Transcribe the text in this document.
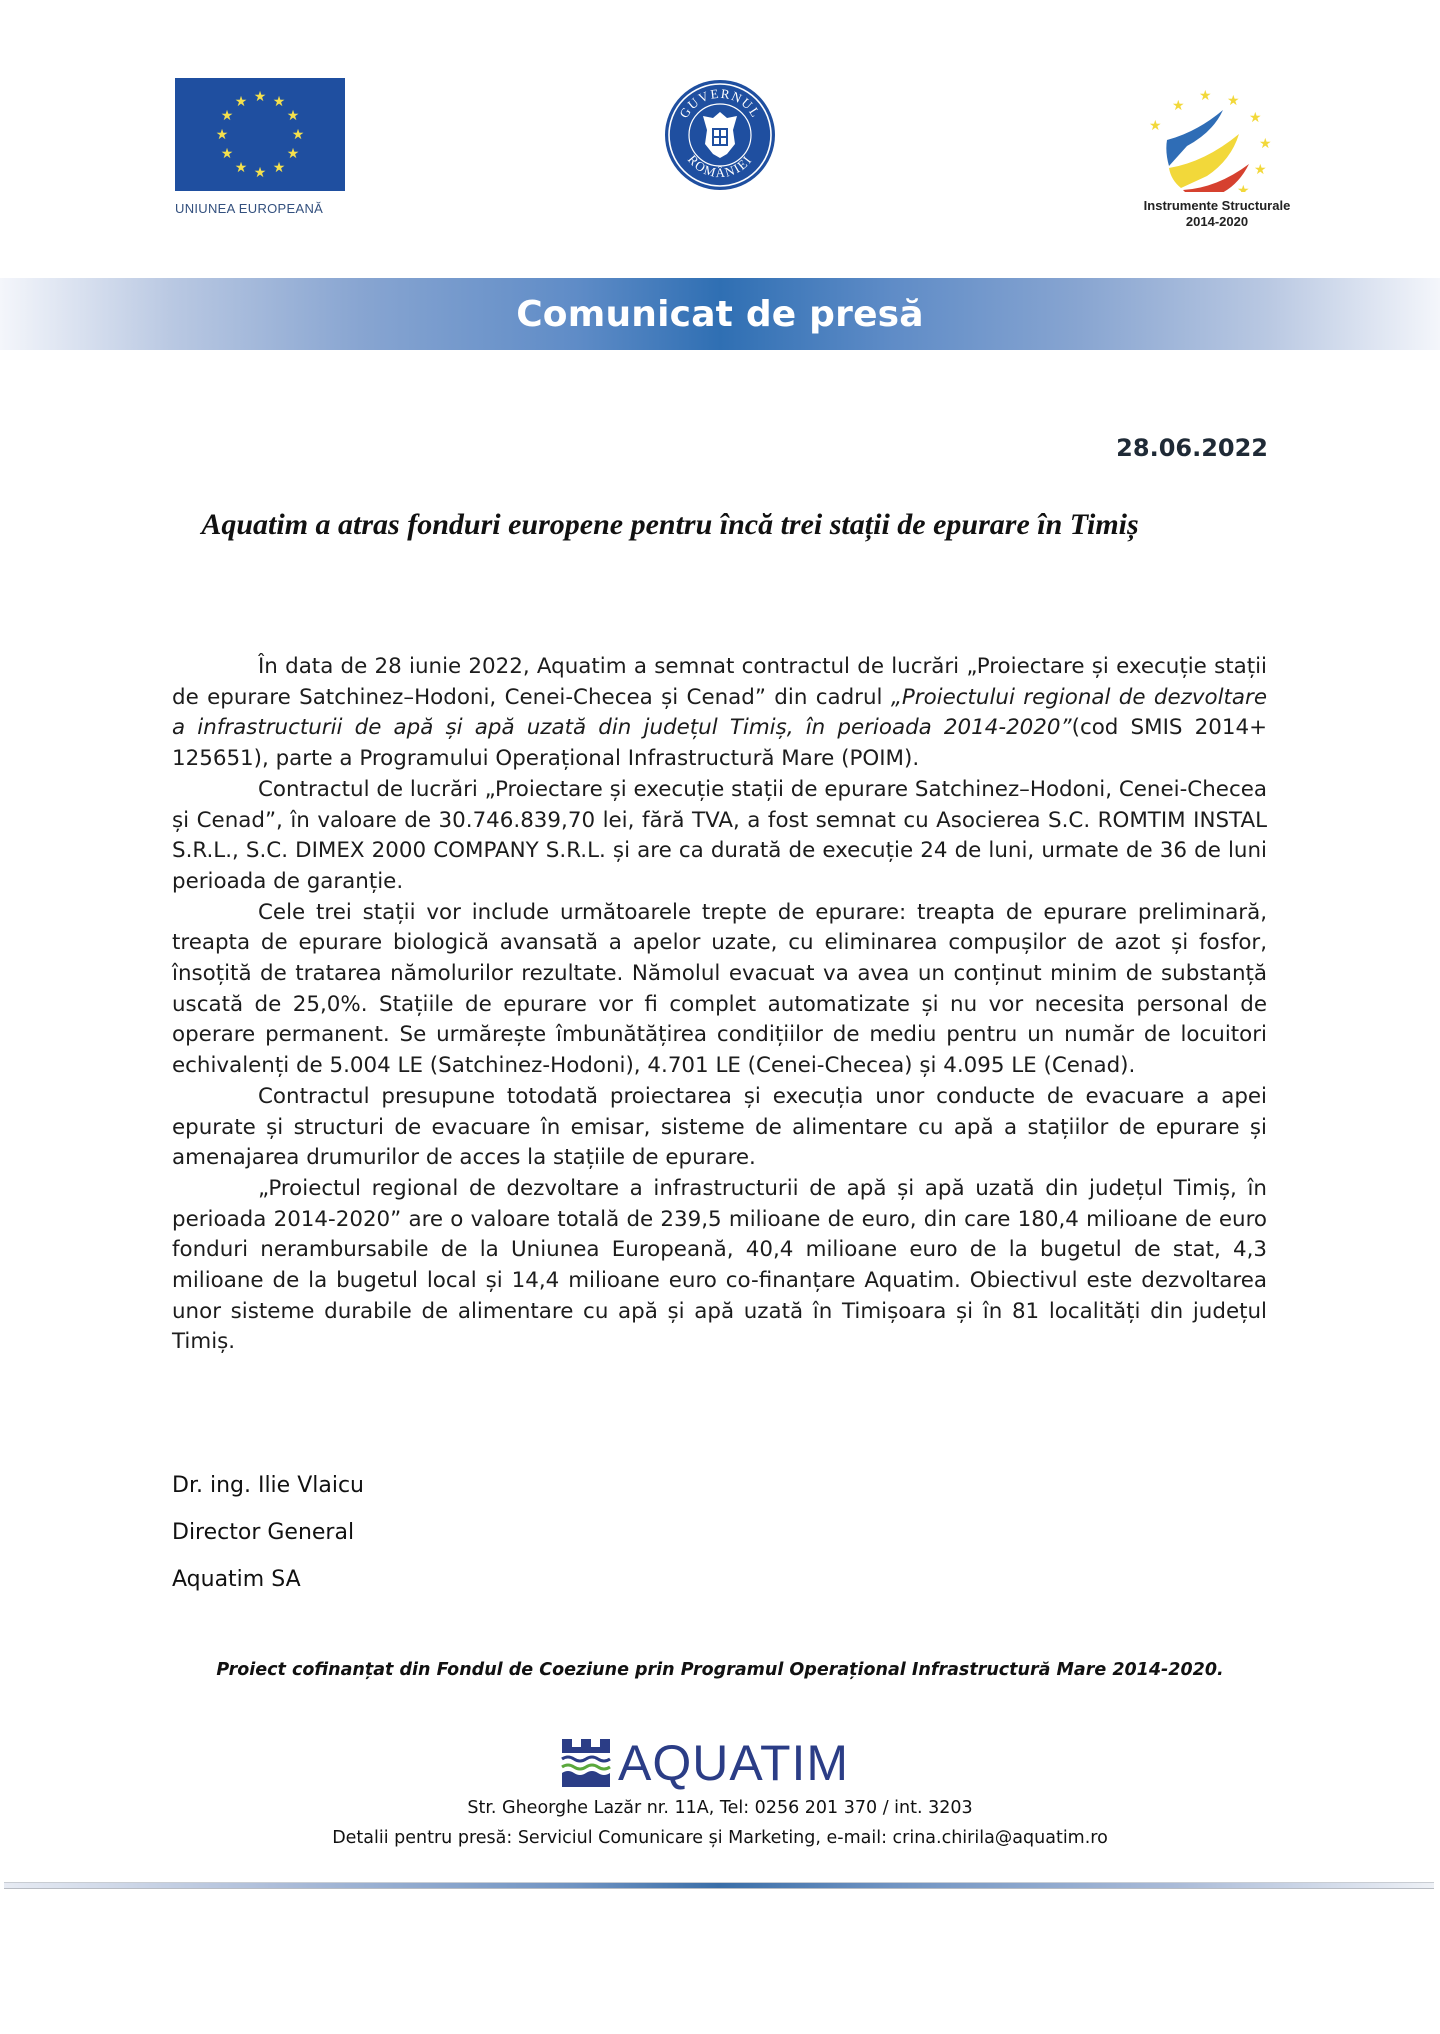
★ ★
★
★
★
★
★
★
★
★
★
★
UNIUNEA EUROPEANĂ
GUVERNUL
ROMÂNIEI
★
★
★ ★
★
★
★
★
Instrumente Structurale
2014-2020
Comunicat de presă
28.06.2022
Aquatim a atras fonduri europene pentru încă trei stații de epurare în Timiș

În data de 28 iunie 2022, Aquatim a semnat contractul de lucrări „Proiectare și execuție stații de epurare Satchinez–Hodoni, Cenei-Checea și Cenad” din cadrul „Proiectului regional de dezvoltare a infrastructurii de apă și apă uzată din județul Timiș, în perioada 2014-2020”(cod SMIS 2014+ 125651), parte a Programului Operațional Infrastructură Mare (POIM).

Contractul de lucrări „Proiectare și execuție stații de epurare Satchinez–Hodoni, Cenei-Checea și Cenad”, în valoare de 30.746.839,70 lei, fără TVA, a fost semnat cu Asocierea S.C. ROMTIM INSTAL S.R.L., S.C. DIMEX 2000 COMPANY S.R.L. și are ca durată de execuție 24 de luni, urmate de 36 de luni perioada de garanție.

Cele trei stații vor include următoarele trepte de epurare: treapta de epurare preliminară, treapta de epurare biologică avansată a apelor uzate, cu eliminarea compușilor de azot și fosfor, însoțită de tratarea nămolurilor rezultate. Nămolul evacuat va avea un conținut minim de substanță uscată de 25,0%. Stațiile de epurare vor fi complet automatizate și nu vor necesita personal de operare permanent. Se urmărește îmbunătățirea condițiilor de mediu pentru un număr de locuitori echivalenți de 5.004 LE (Satchinez-Hodoni), 4.701 LE (Cenei-Checea) și 4.095 LE (Cenad).

Contractul presupune totodată proiectarea și execuția unor conducte de evacuare a apei epurate și structuri de evacuare în emisar, sisteme de alimentare cu apă a stațiilor de epurare și amenajarea drumurilor de acces la stațiile de epurare.

„Proiectul regional de dezvoltare a infrastructurii de apă și apă uzată din județul Timiș, în perioada 2014-2020” are o valoare totală de 239,5 milioane de euro, din care 180,4 milioane de euro fonduri nerambursabile de la Uniunea Europeană, 40,4 milioane euro de la bugetul de stat, 4,3 milioane de la bugetul local și 14,4 milioane euro co-finanțare Aquatim. Obiectivul este dezvoltarea unor sisteme durabile de alimentare cu apă și apă uzată în Timișoara și în 81 localități din județul Timiș.

Dr. ing. Ilie Vlaicu
Director General
Aquatim SA
Proiect cofinanțat din Fondul de Coeziune prin Programul Operațional Infrastructură Mare 2014-2020.
AQUATIM
Str. Gheorghe Lazăr nr. 11A, Tel: 0256 201 370 / int. 3203
Detalii pentru presă: Serviciul Comunicare și Marketing, e-mail: crina.chirila@aquatim.ro
